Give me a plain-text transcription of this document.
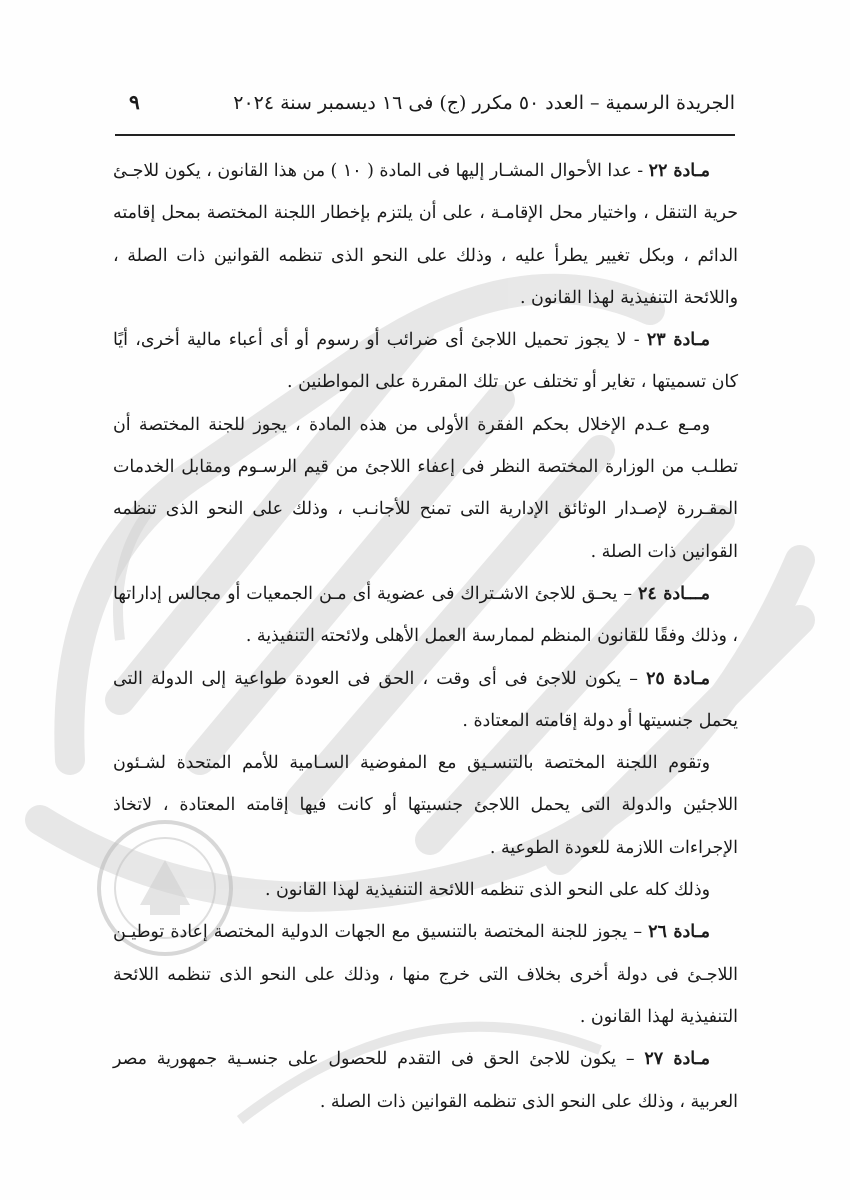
الجريدة الرسمية – العدد ٥٠ مكرر (ج) فى ١٦ ديسمبر سنة ٢٠٢٤
٩

مـادة ٢٢ - عدا الأحوال المشـار إليها فى المادة ( ١٠ ) من هذا القانون ، يكون للاجـئ حرية التنقل ، واختيار محل الإقامـة ، على أن يلتزم بإخطار اللجنة المختصة بمحل إقامته الدائم ، وبكل تغيير يطرأ عليه ، وذلك على النحو الذى تنظمه القوانين ذات الصلة ، واللائحة التنفيذية لهذا القانون .

مـادة ٢٣ - لا يجوز تحميل اللاجئ أى ضرائب أو رسوم أو أى أعباء مالية أخرى، أيًا كان تسميتها ، تغاير أو تختلف عن تلك المقررة على المواطنين .

ومـع عـدم الإخلال بحكم الفقرة الأولى من هذه المادة ، يجوز للجنة المختصة أن تطلـب من الوزارة المختصة النظر فى إعفاء اللاجئ من قيم الرسـوم ومقابل الخدمات المقـررة لإصـدار الوثائق الإدارية التى تمنح للأجانـب ، وذلك على النحو الذى تنظمه القوانين ذات الصلة .

مـــادة ٢٤ – يحـق للاجئ الاشـتراك فى عضوية أى مـن الجمعيات أو مجالس إداراتها ، وذلك وفقًا للقانون المنظم لممارسة العمل الأهلى ولائحته التنفيذية .

مـادة ٢٥ – يكون للاجئ فى أى وقت ، الحق فى العودة طواعية إلى الدولة التى يحمل جنسيتها أو دولة إقامته المعتادة .

وتقوم اللجنة المختصة بالتنسـيق مع المفوضية السـامية للأمم المتحدة لشـئون اللاجئين والدولة التى يحمل اللاجئ جنسيتها أو كانت فيها إقامته المعتادة ، لاتخاذ الإجراءات اللازمة للعودة الطوعية .

وذلك كله على النحو الذى تنظمه اللائحة التنفيذية لهذا القانون .

مـادة ٢٦ – يجوز للجنة المختصة بالتنسيق مع الجهات الدولية المختصة إعادة توطيـن اللاجـئ فى دولة أخرى بخلاف التى خرج منها ، وذلك على النحو الذى تنظمه اللائحة التنفيذية لهذا القانون .

مـادة ٢٧ – يكون للاجئ الحق فى التقدم للحصول على جنسـية جمهورية مصر العربية ، وذلك على النحو الذى تنظمه القوانين ذات الصلة .
